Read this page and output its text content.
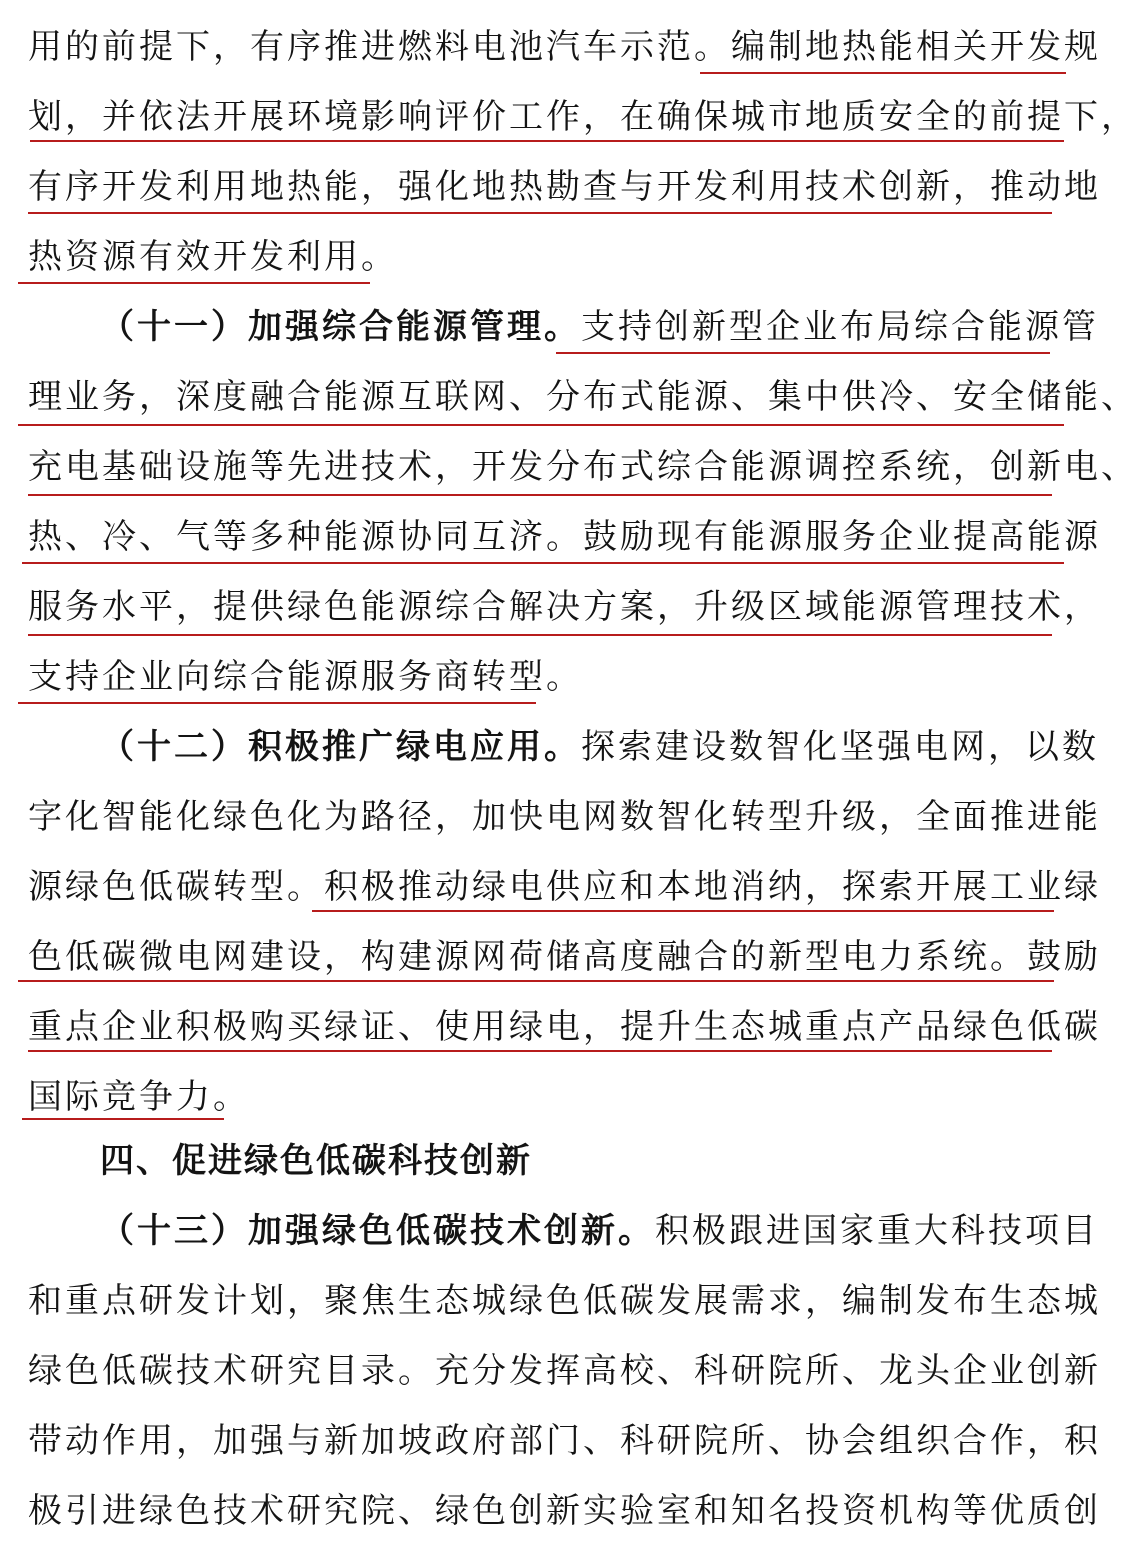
用的前提下，有序推进燃料电池汽车示范。编制地热能相关开发规
划，并依法开展环境影响评价工作，在确保城市地质安全的前提下，
有序开发利用地热能，强化地热勘查与开发利用技术创新，推动地
热资源有效开发利用。
（十一）加强综合能源管理。支持创新型企业布局综合能源管
理业务，深度融合能源互联网、分布式能源、集中供冷、安全储能、
充电基础设施等先进技术，开发分布式综合能源调控系统，创新电、
热、冷、气等多种能源协同互济。鼓励现有能源服务企业提高能源
服务水平，提供绿色能源综合解决方案，升级区域能源管理技术，
支持企业向综合能源服务商转型。
（十二）积极推广绿电应用。探索建设数智化坚强电网，以数
字化智能化绿色化为路径，加快电网数智化转型升级，全面推进能
源绿色低碳转型。积极推动绿电供应和本地消纳，探索开展工业绿
色低碳微电网建设，构建源网荷储高度融合的新型电力系统。鼓励
重点企业积极购买绿证、使用绿电，提升生态城重点产品绿色低碳
国际竞争力。
四、促进绿色低碳科技创新
（十三）加强绿色低碳技术创新。积极跟进国家重大科技项目
和重点研发计划，聚焦生态城绿色低碳发展需求，编制发布生态城
绿色低碳技术研究目录。充分发挥高校、科研院所、龙头企业创新
带动作用，加强与新加坡政府部门、科研院所、协会组织合作，积
极引进绿色技术研究院、绿色创新实验室和知名投资机构等优质创
